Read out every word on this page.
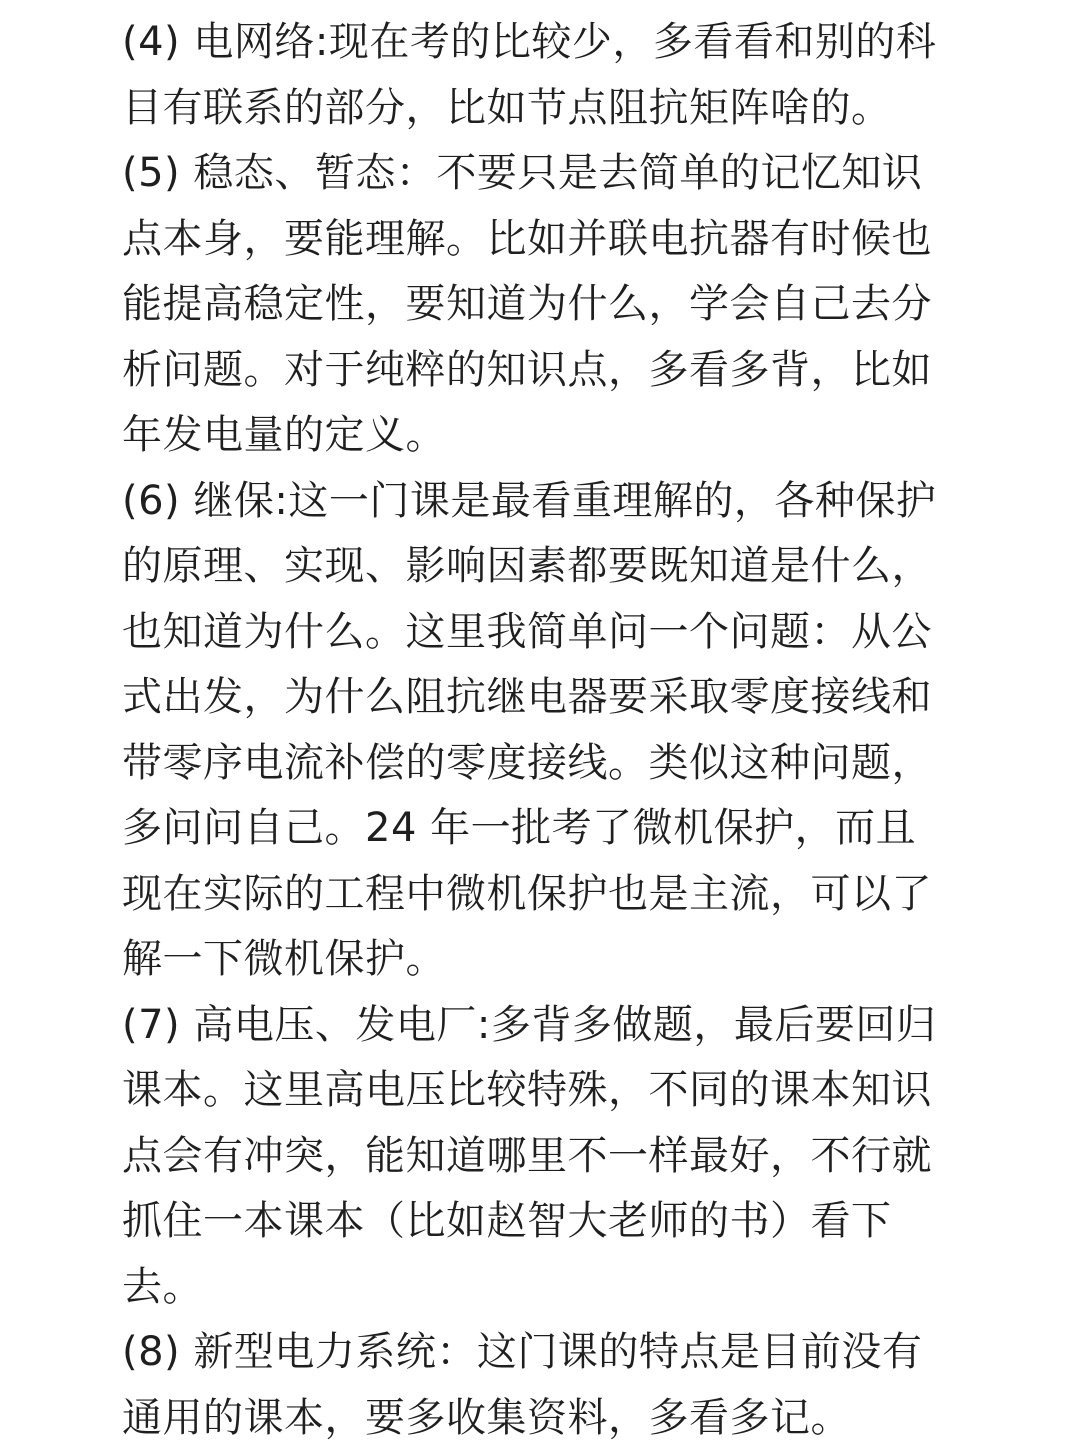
(4) 电网络:现在考的比较少，多看看和别的科
目有联系的部分，比如节点阻抗矩阵啥的。
(5) 稳态、暂态：不要只是去简单的记忆知识
点本身，要能理解。比如并联电抗器有时候也
能提高稳定性，要知道为什么，学会自己去分
析问题。对于纯粹的知识点，多看多背，比如
年发电量的定义。
(6) 继保:这一门课是最看重理解的，各种保护
的原理、实现、影响因素都要既知道是什么，
也知道为什么。这里我简单问一个问题：从公
式出发，为什么阻抗继电器要采取零度接线和
带零序电流补偿的零度接线。类似这种问题，
多问问自己。24 年一批考了微机保护，而且
现在实际的工程中微机保护也是主流，可以了
解一下微机保护。
(7) 高电压、发电厂:多背多做题，最后要回归
课本。这里高电压比较特殊，不同的课本知识
点会有冲突，能知道哪里不一样最好，不行就
抓住一本课本（比如赵智大老师的书）看下
去。
(8) 新型电力系统：这门课的特点是目前没有
通用的课本，要多收集资料，多看多记。
